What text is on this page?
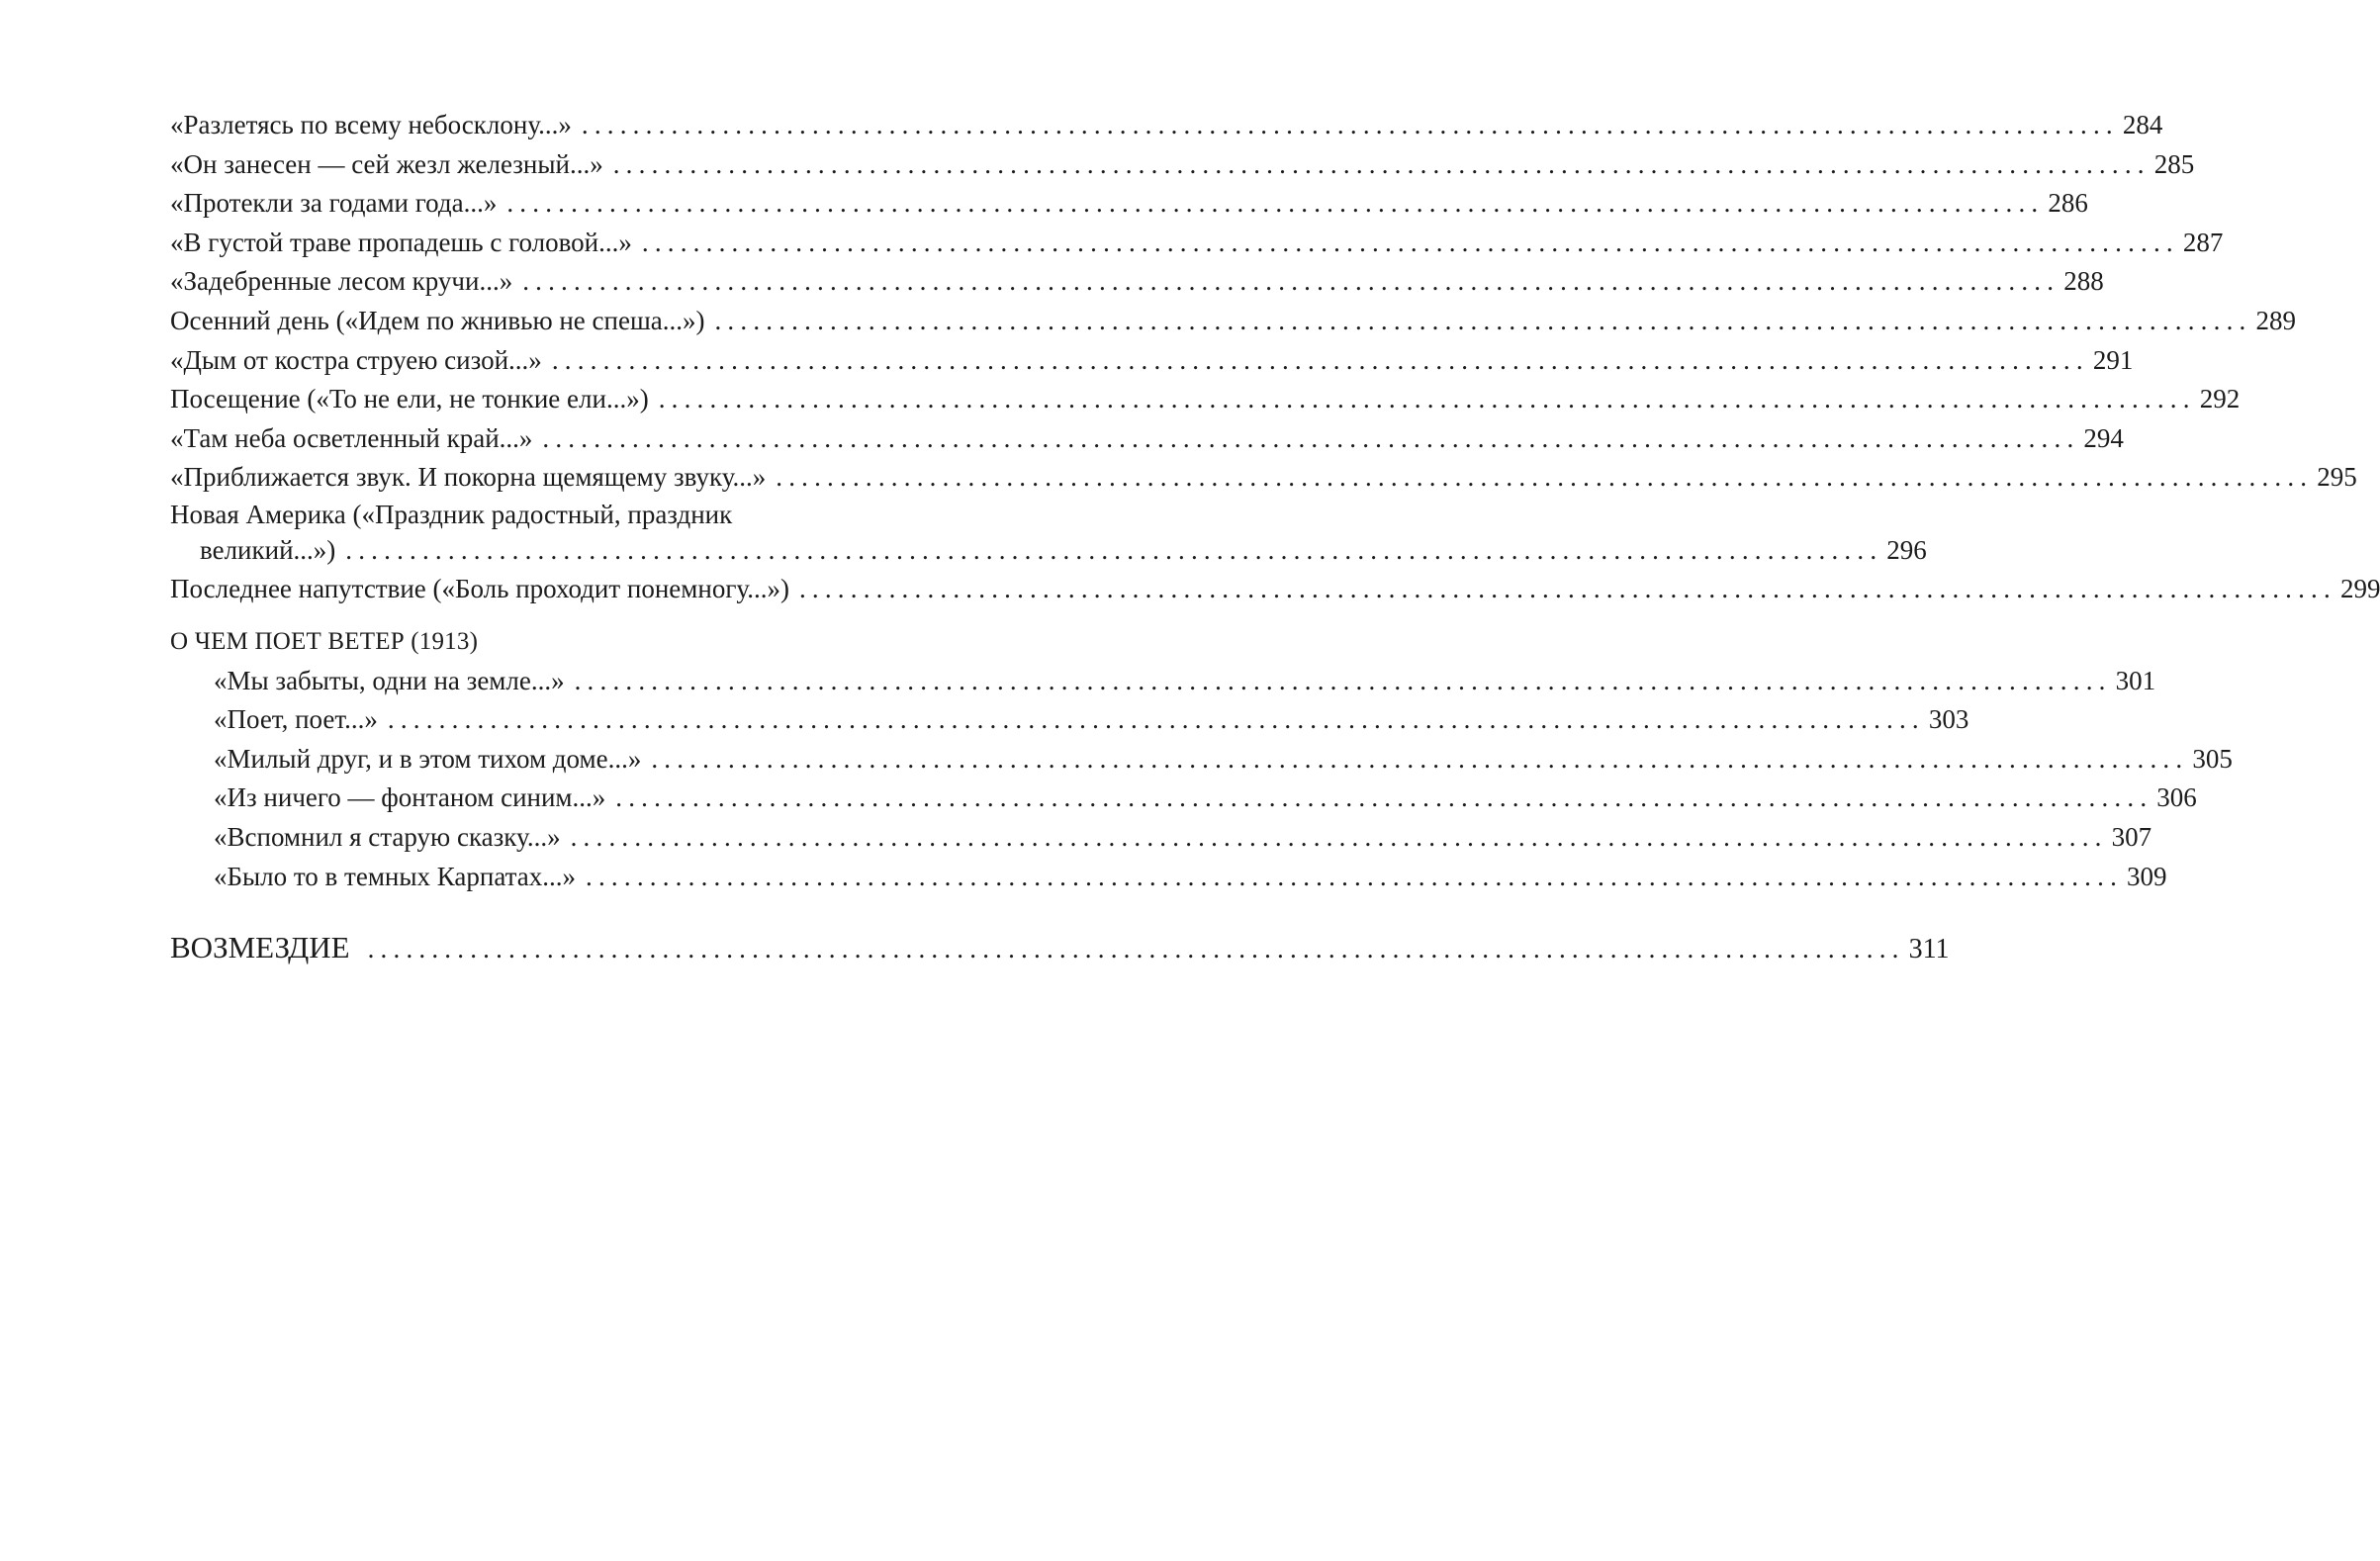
«Разлетясь по всему небосклону...» ........................................................................................................................ 284
«Он занесен — сей жезл железный...» ........................................................................................................................ 285
«Протекли за годами года...» ........................................................................................................................ 286
«В густой траве пропадешь с головой...» ........................................................................................................................ 287
«Задебренные лесом кручи...» ........................................................................................................................ 288
Осенний день («Идем по жнивью не спеша...») ........................................................................................................................ 289
«Дым от костра струею сизой...» ........................................................................................................................ 291
Посещение («То не ели, не тонкие ели...») ........................................................................................................................ 292
«Там неба осветленный край...» ........................................................................................................................ 294
«Приближается звук. И покорна щемящему звуку...» ........................................................................................................................ 295
Новая Америка («Праздник радостный, праздник
великий...») ........................................................................................................................ 296
Последнее напутствие («Боль проходит понемногу...») ........................................................................................................................ 299
О ЧЕМ ПОЕТ ВЕТЕР (1913)
«Мы забыты, одни на земле...» ........................................................................................................................ 301
«Поет, поет...» ........................................................................................................................ 303
«Милый друг, и в этом тихом доме...» ........................................................................................................................ 305
«Из ничего — фонтаном синим...» ........................................................................................................................ 306
«Вспомнил я старую сказку...» ........................................................................................................................ 307
«Было то в темных Карпатах...» ........................................................................................................................ 309
ВОЗМЕЗДИЕ ........................................................................................................................ 311
